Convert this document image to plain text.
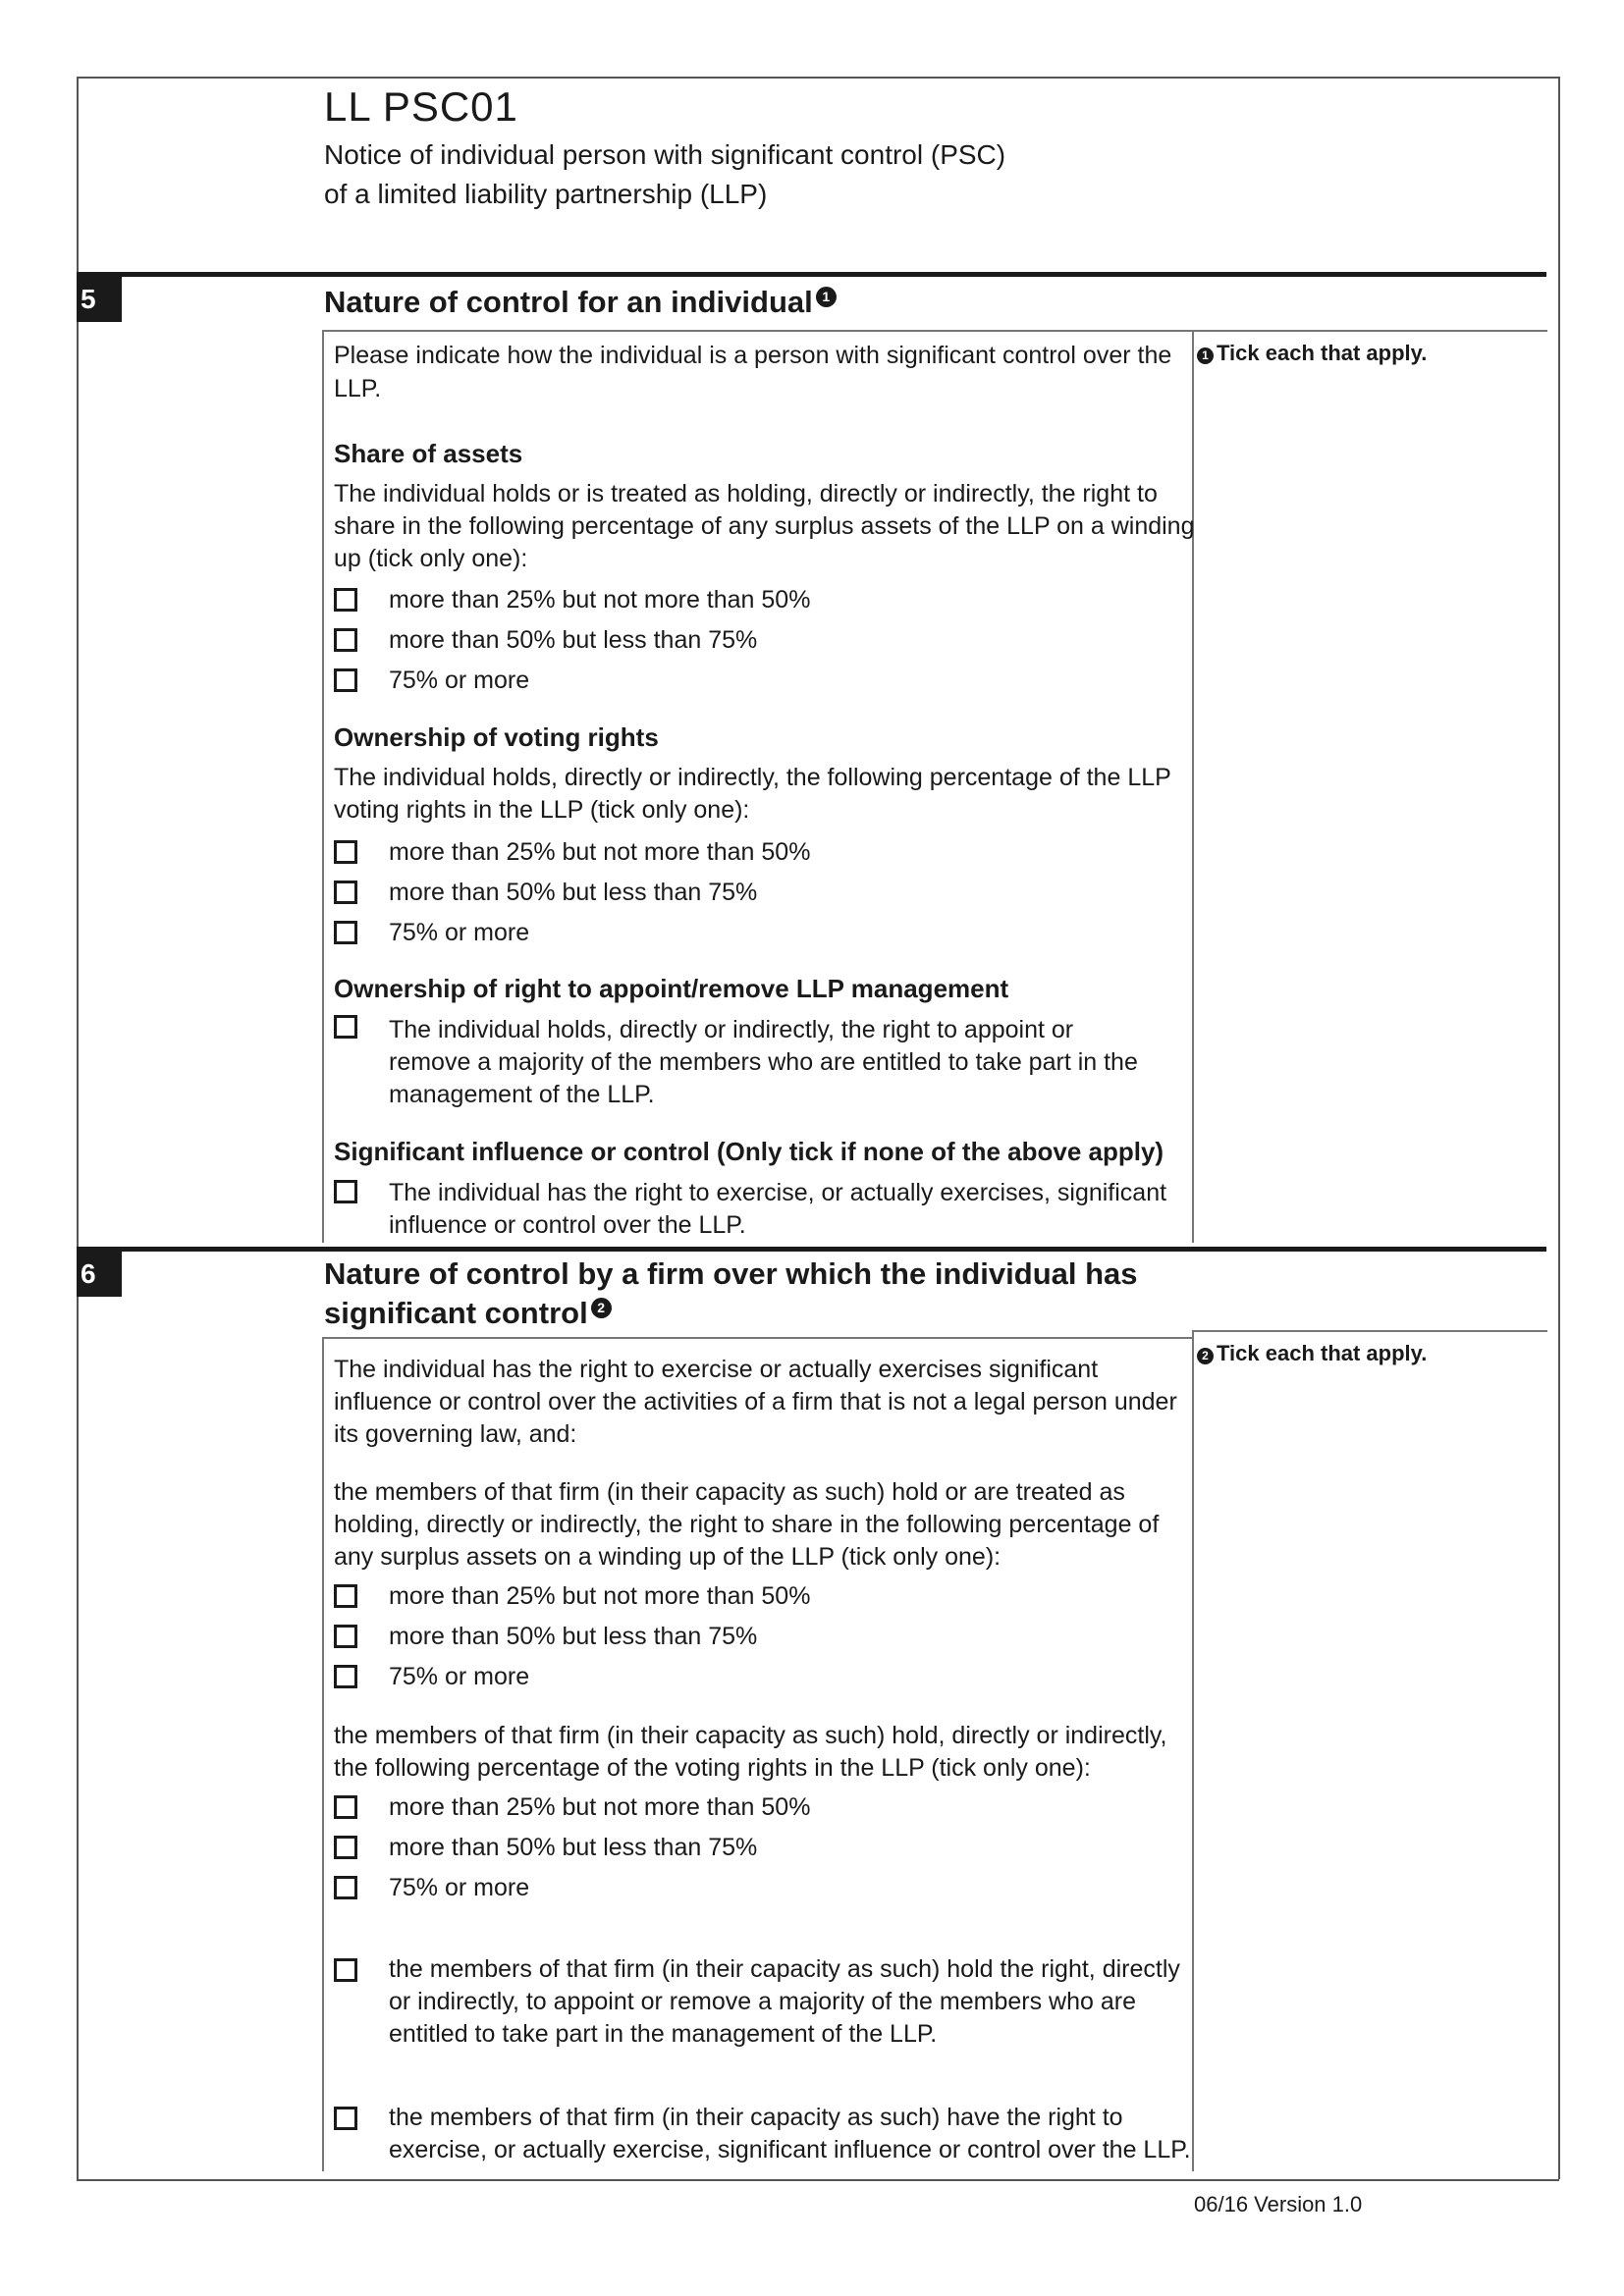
LL PSC01
Notice of individual person with significant control (PSC)
of a limited liability partnership (LLP)
5	Nature of control for an individual 1
1 Tick each that apply.
Please indicate how the individual is a person with significant control over the
LLP.
Share of assets
The individual holds or is treated as holding, directly or indirectly, the right to
share in the following percentage of any surplus assets of the LLP on a winding
up (tick only one):
more than 25% but not more than 50%
more than 50% but less than 75%
75% or more
Ownership of voting rights
The individual holds, directly or indirectly, the following percentage of the LLP
voting rights in the LLP (tick only one):
more than 25% but not more than 50%
more than 50% but less than 75%
75% or more
Ownership of right to appoint/remove LLP management
The individual holds, directly or indirectly, the right to appoint or
remove a majority of the members who are entitled to take part in the
management of the LLP.
Significant influence or control (Only tick if none of the above apply)
The individual has the right to exercise, or actually exercises, significant
influence or control over the LLP.
6	Nature of control by a firm over which the individual has
significant control 2
2 Tick each that apply.
The individual has the right to exercise or actually exercises significant
influence or control over the activities of a firm that is not a legal person under
its governing law, and:
the members of that firm (in their capacity as such) hold or are treated as
holding, directly or indirectly, the right to share in the following percentage of
any surplus assets on a winding up of the LLP (tick only one):
more than 25% but not more than 50%
more than 50% but less than 75%
75% or more
the members of that firm (in their capacity as such) hold, directly or indirectly,
the following percentage of the voting rights in the LLP (tick only one):
more than 25% but not more than 50%
more than 50% but less than 75%
75% or more
the members of that firm (in their capacity as such) hold the right, directly
or indirectly, to appoint or remove a majority of the members who are
entitled to take part in the management of the LLP.
the members of that firm (in their capacity as such) have the right to
exercise, or actually exercise, significant influence or control over the LLP.
06/16 Version 1.0
